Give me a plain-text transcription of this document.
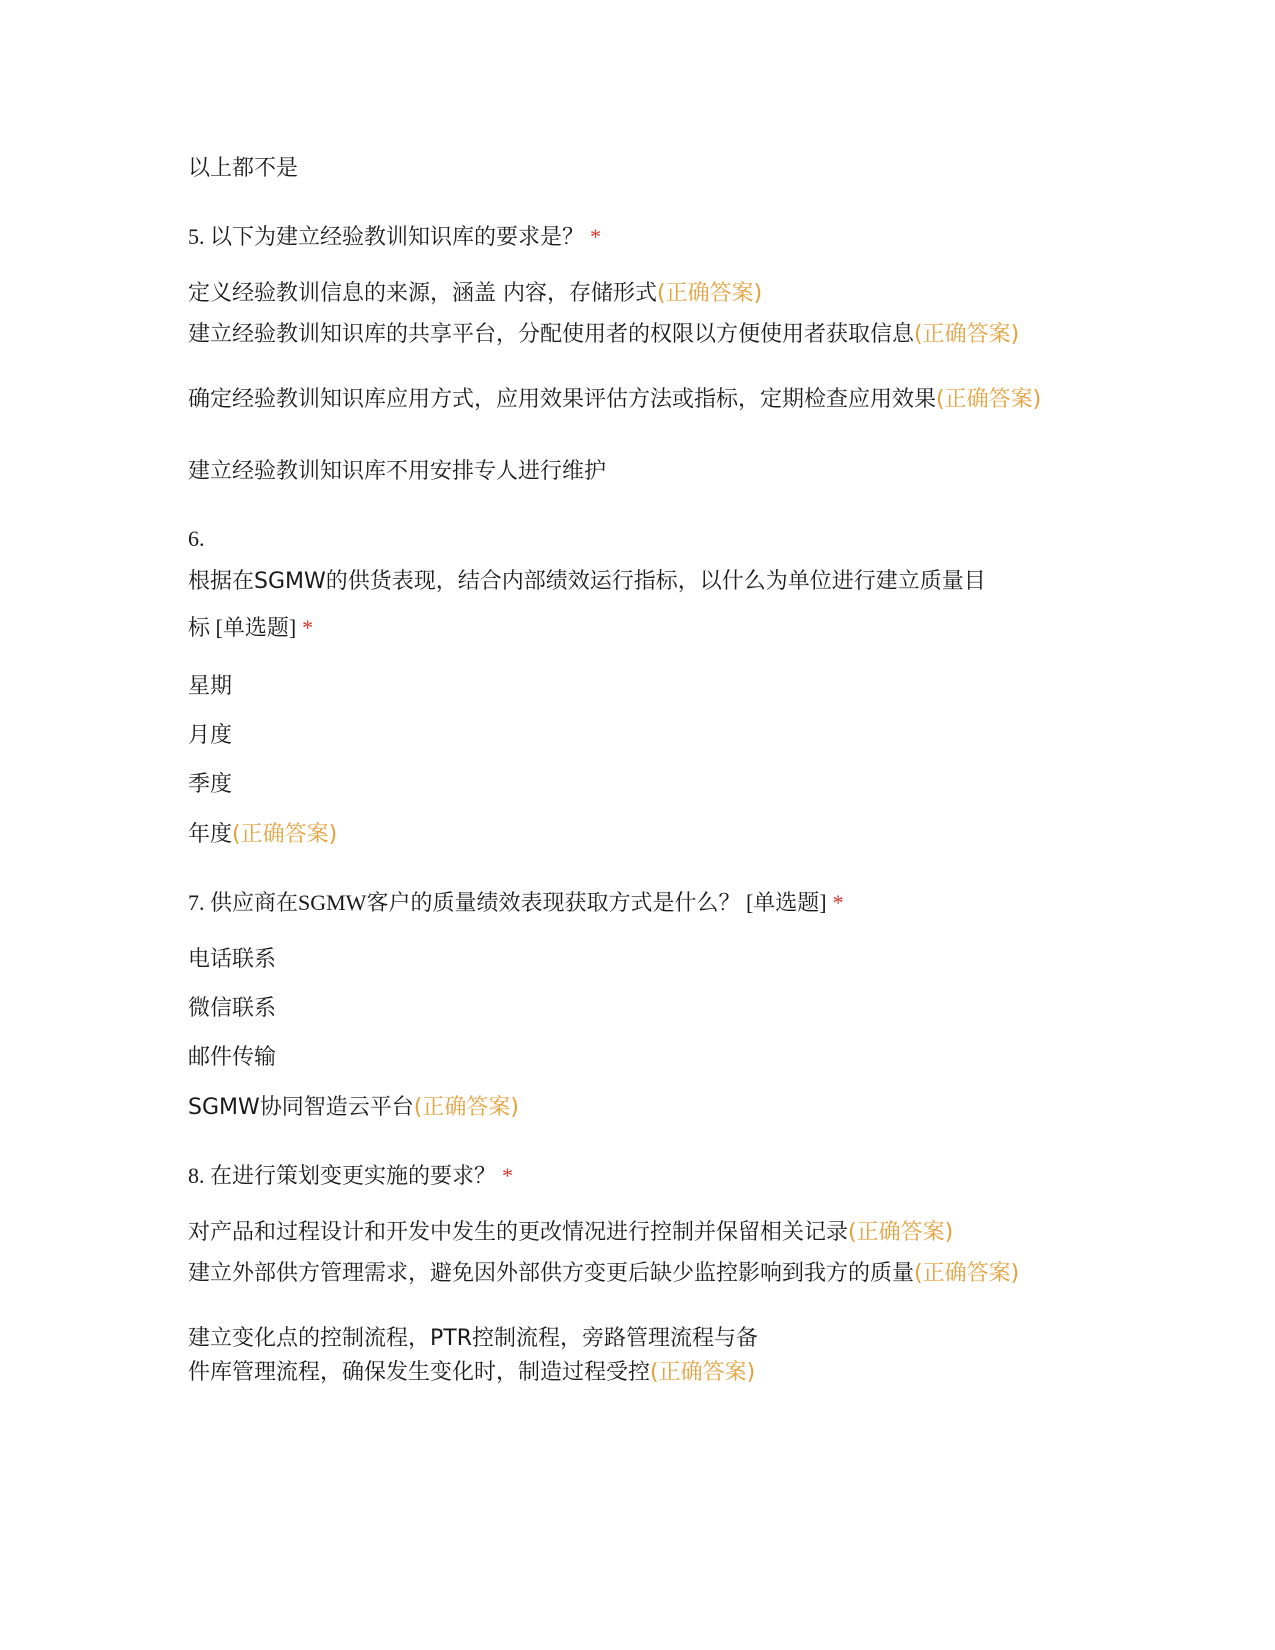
以上都不是
5. 以下为建立经验教训知识库的要求是？ *
定义经验教训信息的来源，涵盖 内容，存储形式(正确答案)
建立经验教训知识库的共享平台，分配使用者的权限以方便使用者获取信息(正确答案)
确定经验教训知识库应用方式，应用效果评估方法或指标，定期检查应用效果(正确答案)
建立经验教训知识库不用安排专人进行维护
6.
根据在SGMW的供货表现，结合内部绩效运行指标，以什么为单位进行建立质量目
标 [单选题] *
星期
月度
季度
年度(正确答案)
7. 供应商在SGMW客户的质量绩效表现获取方式是什么？ [单选题] *
电话联系
微信联系
邮件传输
SGMW协同智造云平台(正确答案)
8. 在进行策划变更实施的要求？ *
对产品和过程设计和开发中发生的更改情况进行控制并保留相关记录(正确答案)
建立外部供方管理需求，避免因外部供方变更后缺少监控影响到我方的质量(正确答案)
建立变化点的控制流程，PTR控制流程，旁路管理流程与备
件库管理流程，确保发生变化时，制造过程受控(正确答案)
